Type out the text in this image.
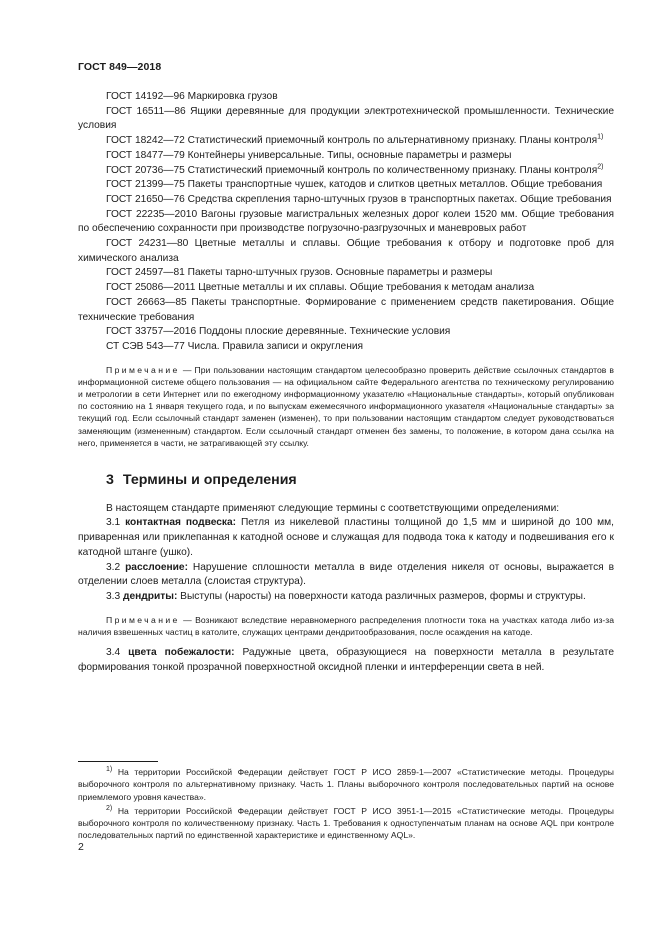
ГОСТ 849—2018

ГОСТ 14192—96 Маркировка грузов

ГОСТ 16511—86 Ящики деревянные для продукции электротехнической промышленности. Технические условия

ГОСТ 18242—72 Статистический приемочный контроль по альтернативному признаку. Планы контроля$^{1)}$

ГОСТ 18477—79 Контейнеры универсальные. Типы, основные параметры и размеры

ГОСТ 20736—75 Статистический приемочный контроль по количественному признаку. Планы контроля$^{2)}$

ГОСТ 21399—75 Пакеты транспортные чушек, катодов и слитков цветных металлов. Общие требования

ГОСТ 21650—76 Средства скрепления тарно-штучных грузов в транспортных пакетах. Общие требования

ГОСТ 22235—2010 Вагоны грузовые магистральных железных дорог колеи 1520 мм. Общие требования по обеспечению сохранности при производстве погрузочно-разгрузочных и маневровых работ

ГОСТ 24231—80 Цветные металлы и сплавы. Общие требования к отбору и подготовке проб для химического анализа

ГОСТ 24597—81 Пакеты тарно-штучных грузов. Основные параметры и размеры

ГОСТ 25086—2011 Цветные металлы и их сплавы. Общие требования к методам анализа

ГОСТ 26663—85 Пакеты транспортные. Формирование с применением средств пакетирования. Общие технические требования

ГОСТ 33757—2016 Поддоны плоские деревянные. Технические условия

СТ СЭВ 543—77 Числа. Правила записи и округления

Примечание — При пользовании настоящим стандартом целесообразно проверить действие ссылочных стандартов в информационной системе общего пользования — на официальном сайте Федерального агентства по техническому регулированию и метрологии в сети Интернет или по ежегодному информационному указателю «Национальные стандарты», который опубликован по состоянию на 1 января текущего года, и по выпускам ежемесячного информационного указателя «Национальные стандарты» за текущий год. Если ссылочный стандарт заменен (изменен), то при пользовании настоящим стандартом следует руководствоваться заменяющим (измененным) стандартом. Если ссылочный стандарт отменен без замены, то положение, в котором дана ссылка на него, применяется в части, не затрагивающей эту ссылку.

3 Термины и определения

В настоящем стандарте применяют следующие термины с соответствующими определениями:

3.1 контактная подвеска: Петля из никелевой пластины толщиной до 1,5 мм и шириной до 100 мм, приваренная или приклепанная к катодной основе и служащая для подвода тока к катоду и подвешивания его к катодной штанге (ушко).

3.2 расслоение: Нарушение сплошности металла в виде отделения никеля от основы, выражается в отделении слоев металла (слоистая структура).

3.3 дендриты: Выступы (наросты) на поверхности катода различных размеров, формы и структуры.

Примечание — Возникают вследствие неравномерного распределения плотности тока на участках катода либо из-за наличия взвешенных частиц в католите, служащих центрами дендритообразования, после осаждения на катоде.

3.4 цвета побежалости: Радужные цвета, образующиеся на поверхности металла в результате формирования тонкой прозрачной поверхностной оксидной пленки и интерференции света в ней.

$^{1)}$ На территории Российской Федерации действует ГОСТ Р ИСО 2859-1—2007 «Статистические методы. Процедуры выборочного контроля по альтернативному признаку. Часть 1. Планы выборочного контроля последовательных партий на основе приемлемого уровня качества».

$^{2)}$ На территории Российской Федерации действует ГОСТ Р ИСО 3951-1—2015 «Статистические методы. Процедуры выборочного контроля по количественному признаку. Часть 1. Требования к одноступенчатым планам на основе AQL при контроле последовательных партий по единственной характеристике и единственному AQL».

2
